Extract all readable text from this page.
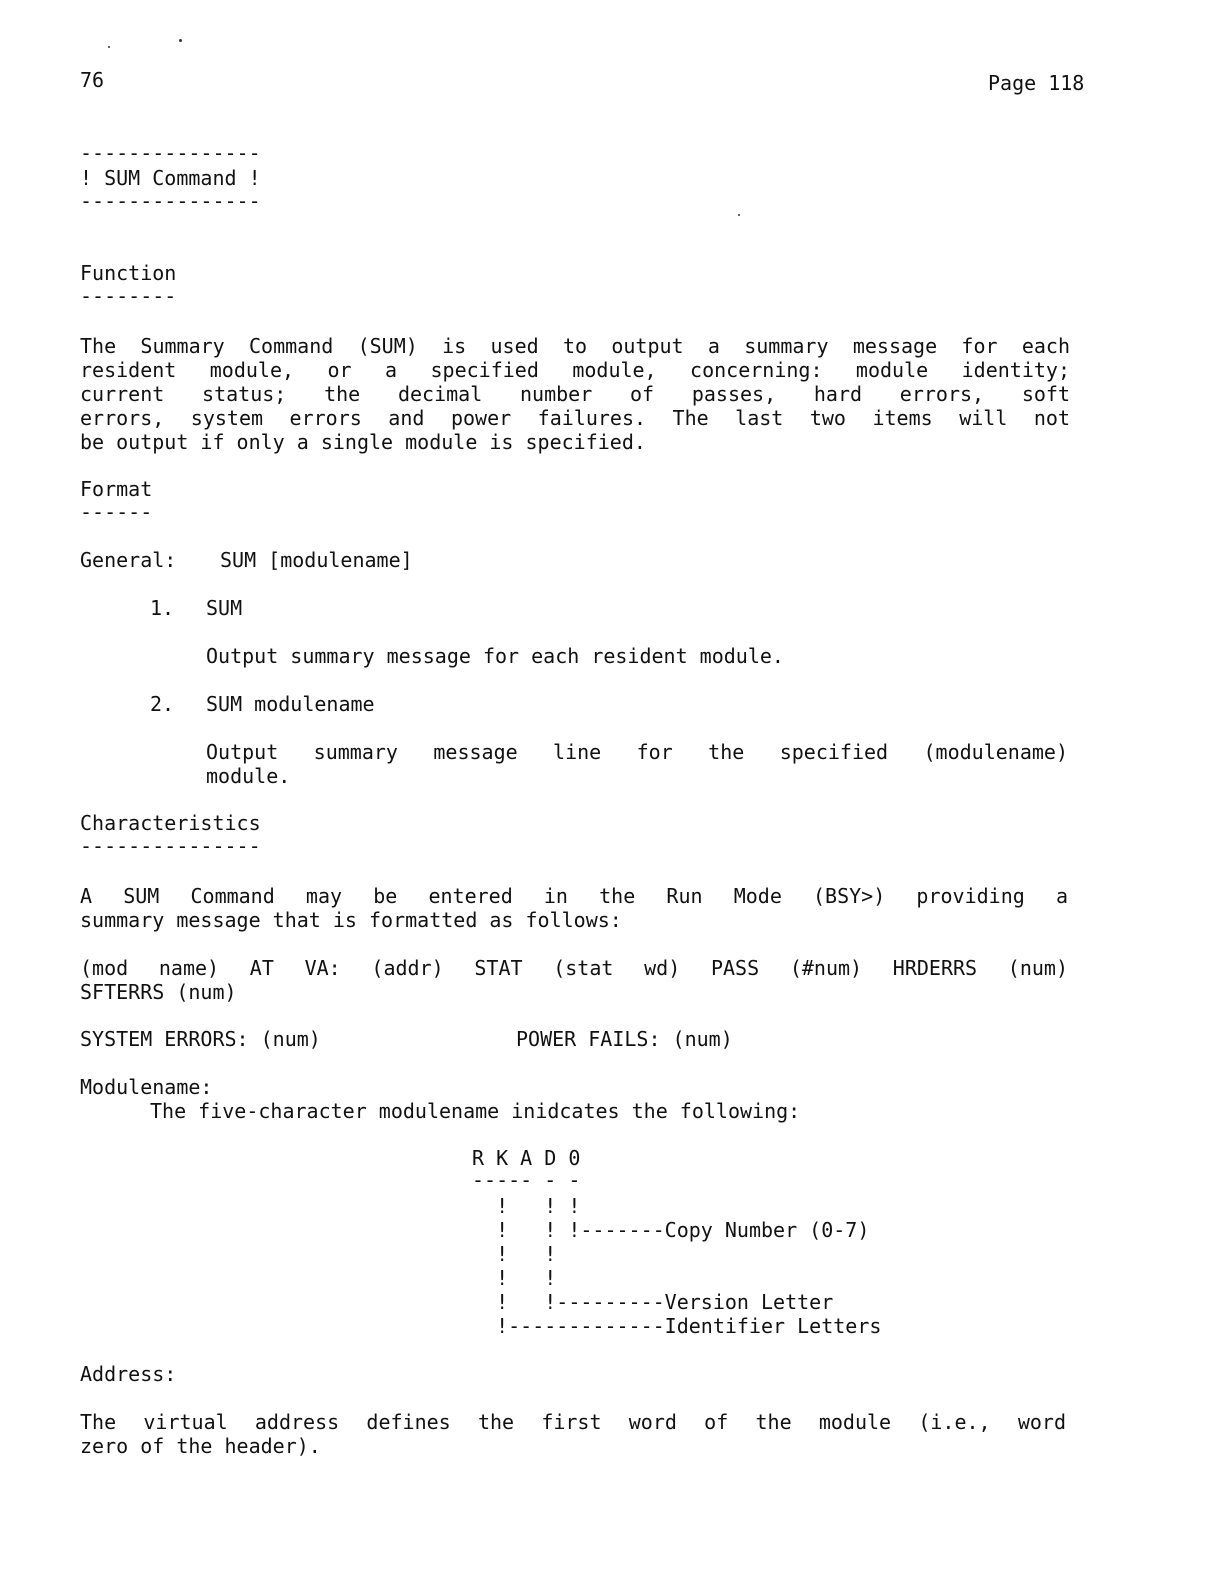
76	Page 118
---------------
! SUM Command !
---------------
Function
--------
The Summary Command (SUM) is used to output a summary message for each
resident module, or a specified module, concerning: module identity;
current status; the decimal number of passes, hard errors, soft
errors, system errors and power failures. The last two items will not
be output if only a single module is specified.
Format
------
General: SUM [modulename]
1. SUM
Output summary message for each resident module.
2. SUM modulename
Output summary message line for the specified (modulename)
module.
Characteristics
---------------
A SUM Command may be entered in the Run Mode (BSY>) providing a
summary message that is formatted as follows:
(mod name) AT VA: (addr) STAT (stat wd) PASS (#num) HRDERRS (num)
SFTERRS (num)
SYSTEM ERRORS: (num)	POWER FAILS: (num)
Modulename:
The five-character modulename inidcates the following:
R K A D 0
----- - -
!   ! !
!   ! !-------Copy Number (0-7)
!   !
!   !
!   !---------Version Letter
!-------------Identifier Letters
Address:
The virtual address defines the first word of the module (i.e., word
zero of the header).
